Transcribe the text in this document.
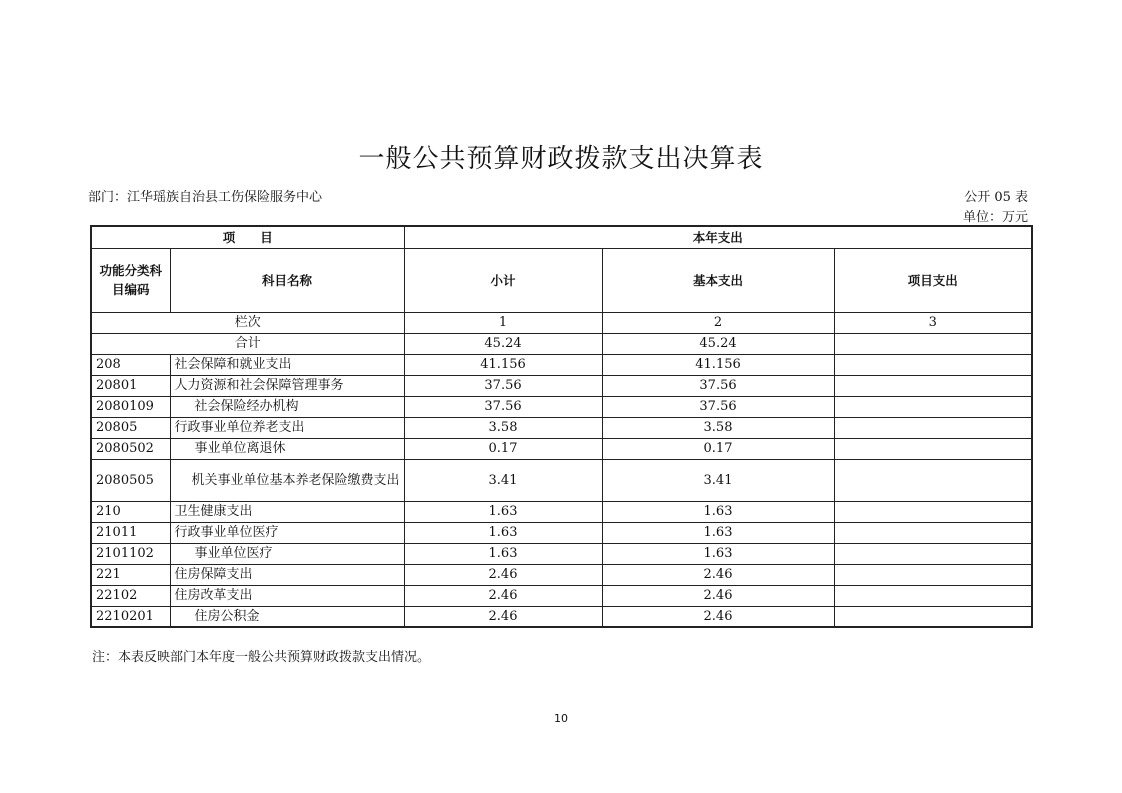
一般公共预算财政拨款支出决算表
部门：江华瑶族自治县工伤保险服务中心	公开 05 表
单位：万元
项　　目		本年支出		
功能分类科目编码	科目名称	小计	基本支出	项目支出
栏次		1	2	3
合计		45.24	45.24	
208	社会保障和就业支出	41.156	41.156	
20801	人力资源和社会保障管理事务	37.56	37.56	
2080109	社会保险经办机构	37.56	37.56	
20805	行政事业单位养老支出	3.58	3.58	
2080502	事业单位离退休	0.17	0.17	
2080505	机关事业单位基本养老保险缴费支出	3.41	3.41	
210	卫生健康支出	1.63	1.63	
21011	行政事业单位医疗	1.63	1.63	
2101102	事业单位医疗	1.63	1.63	
221	住房保障支出	2.46	2.46	
22102	住房改革支出	2.46	2.46	
2210201	住房公积金	2.46	2.46	
注：本表反映部门本年度一般公共预算财政拨款支出情况。
10
